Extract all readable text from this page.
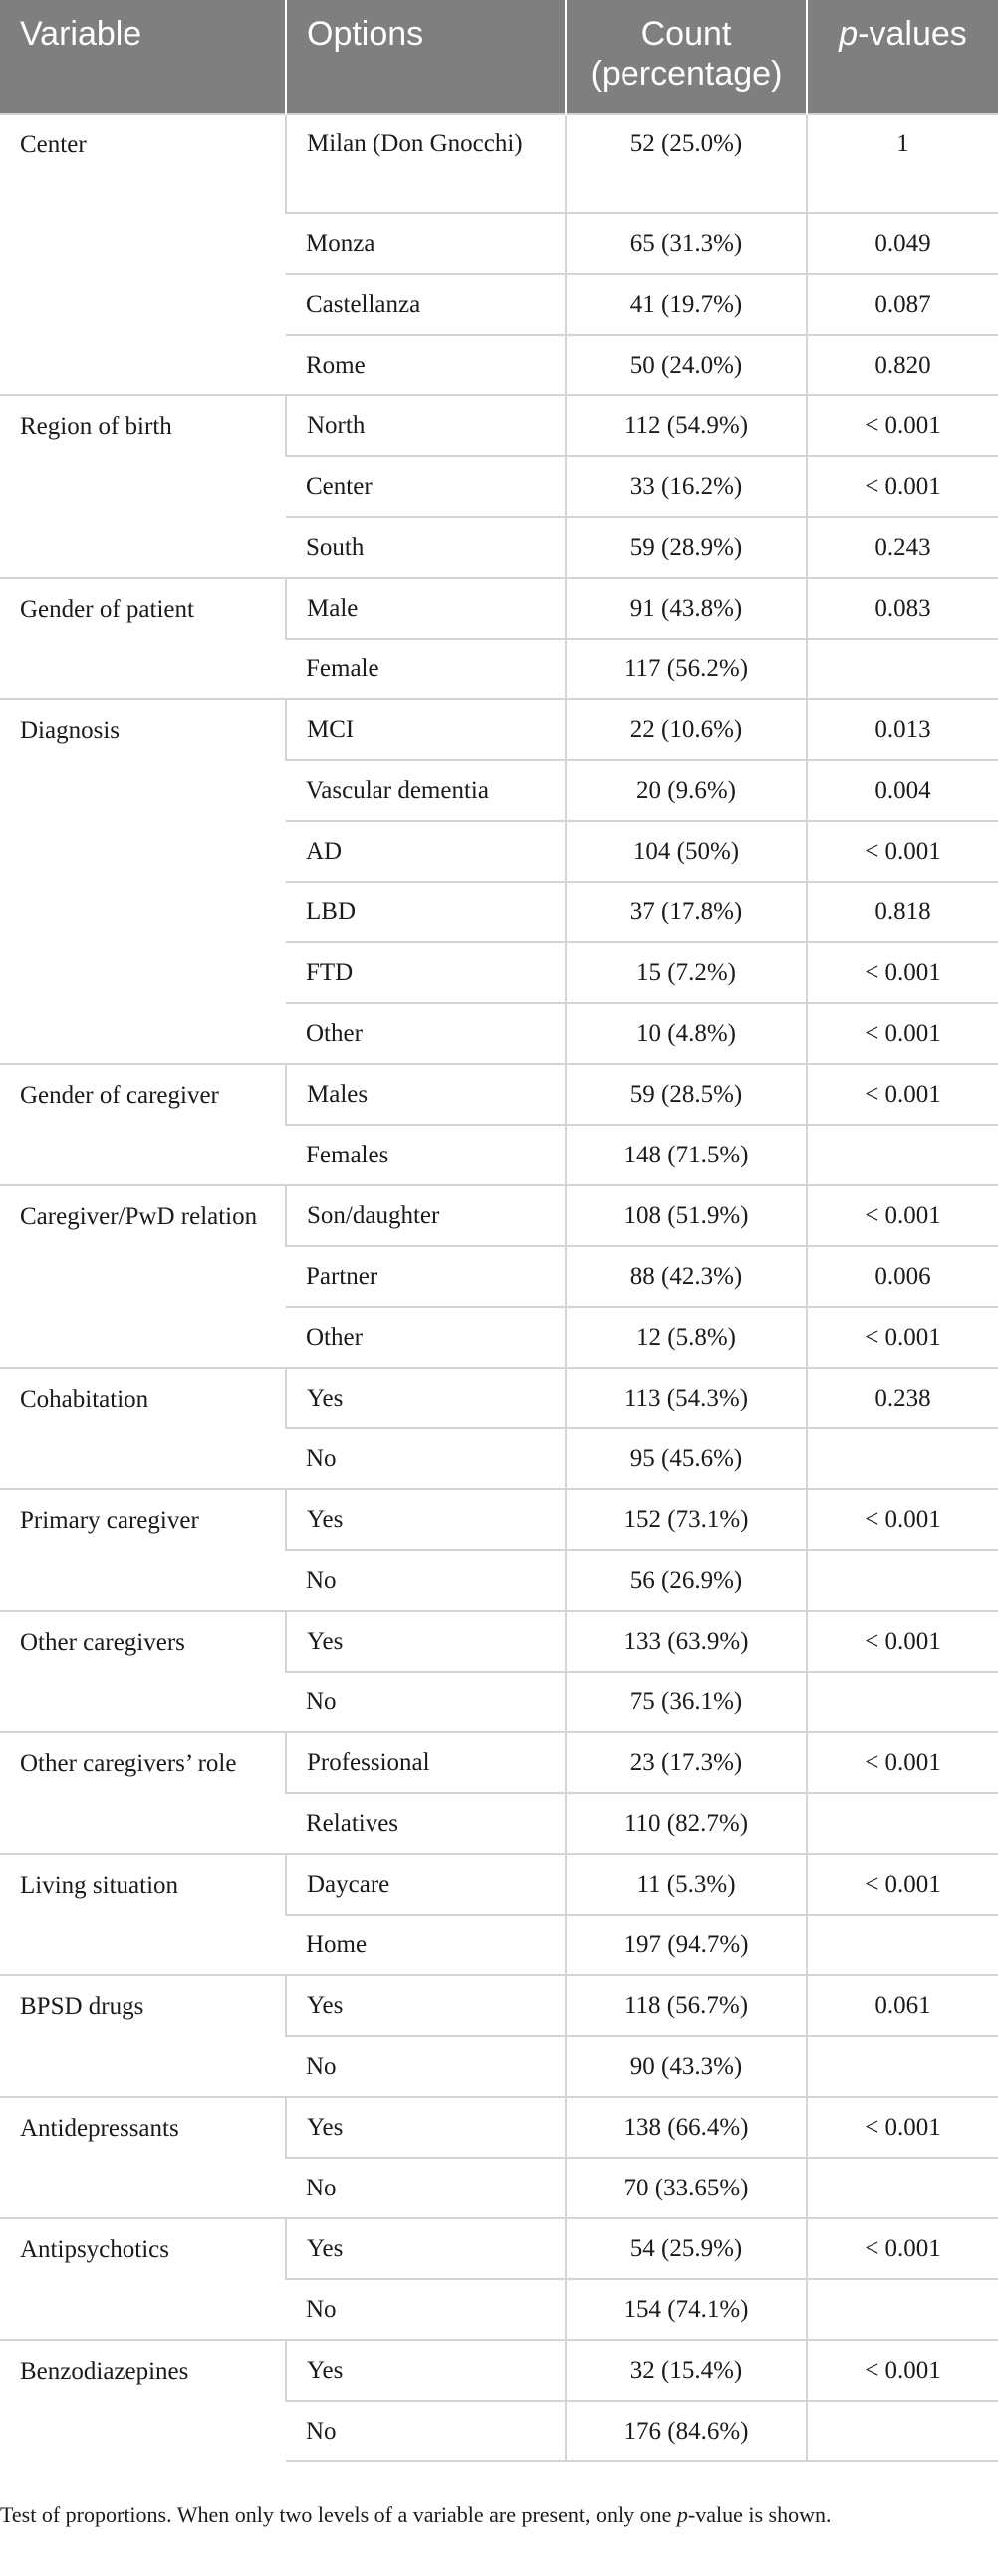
Variable	Options	Count (percentage)	p-values
Center	Milan (Don Gnocchi)	52 (25.0%)	1
	Monza	65 (31.3%)	0.049
	Castellanza	41 (19.7%)	0.087
	Rome	50 (24.0%)	0.820
Region of birth	North	112 (54.9%)	< 0.001
	Center	33 (16.2%)	< 0.001
	South	59 (28.9%)	0.243
Gender of patient	Male	91 (43.8%)	0.083
	Female	117 (56.2%)	
Diagnosis	MCI	22 (10.6%)	0.013
	Vascular dementia	20 (9.6%)	0.004
	AD	104 (50%)	< 0.001
	LBD	37 (17.8%)	0.818
	FTD	15 (7.2%)	< 0.001
	Other	10 (4.8%)	< 0.001
Gender of caregiver	Males	59 (28.5%)	< 0.001
	Females	148 (71.5%)	
Caregiver/PwD relation	Son/daughter	108 (51.9%)	< 0.001
	Partner	88 (42.3%)	0.006
	Other	12 (5.8%)	< 0.001
Cohabitation	Yes	113 (54.3%)	0.238
	No	95 (45.6%)	
Primary caregiver	Yes	152 (73.1%)	< 0.001
	No	56 (26.9%)	
Other caregivers	Yes	133 (63.9%)	< 0.001
	No	75 (36.1%)	
Other caregivers’ role	Professional	23 (17.3%)	< 0.001
	Relatives	110 (82.7%)	
Living situation	Daycare	11 (5.3%)	< 0.001
	Home	197 (94.7%)	
BPSD drugs	Yes	118 (56.7%)	0.061
	No	90 (43.3%)	
Antidepressants	Yes	138 (66.4%)	< 0.001
	No	70 (33.65%)	
Antipsychotics	Yes	54 (25.9%)	< 0.001
	No	154 (74.1%)	
Benzodiazepines	Yes	32 (15.4%)	< 0.001
	No	176 (84.6%)	
Test of proportions. When only two levels of a variable are present, only one p-value is shown.
